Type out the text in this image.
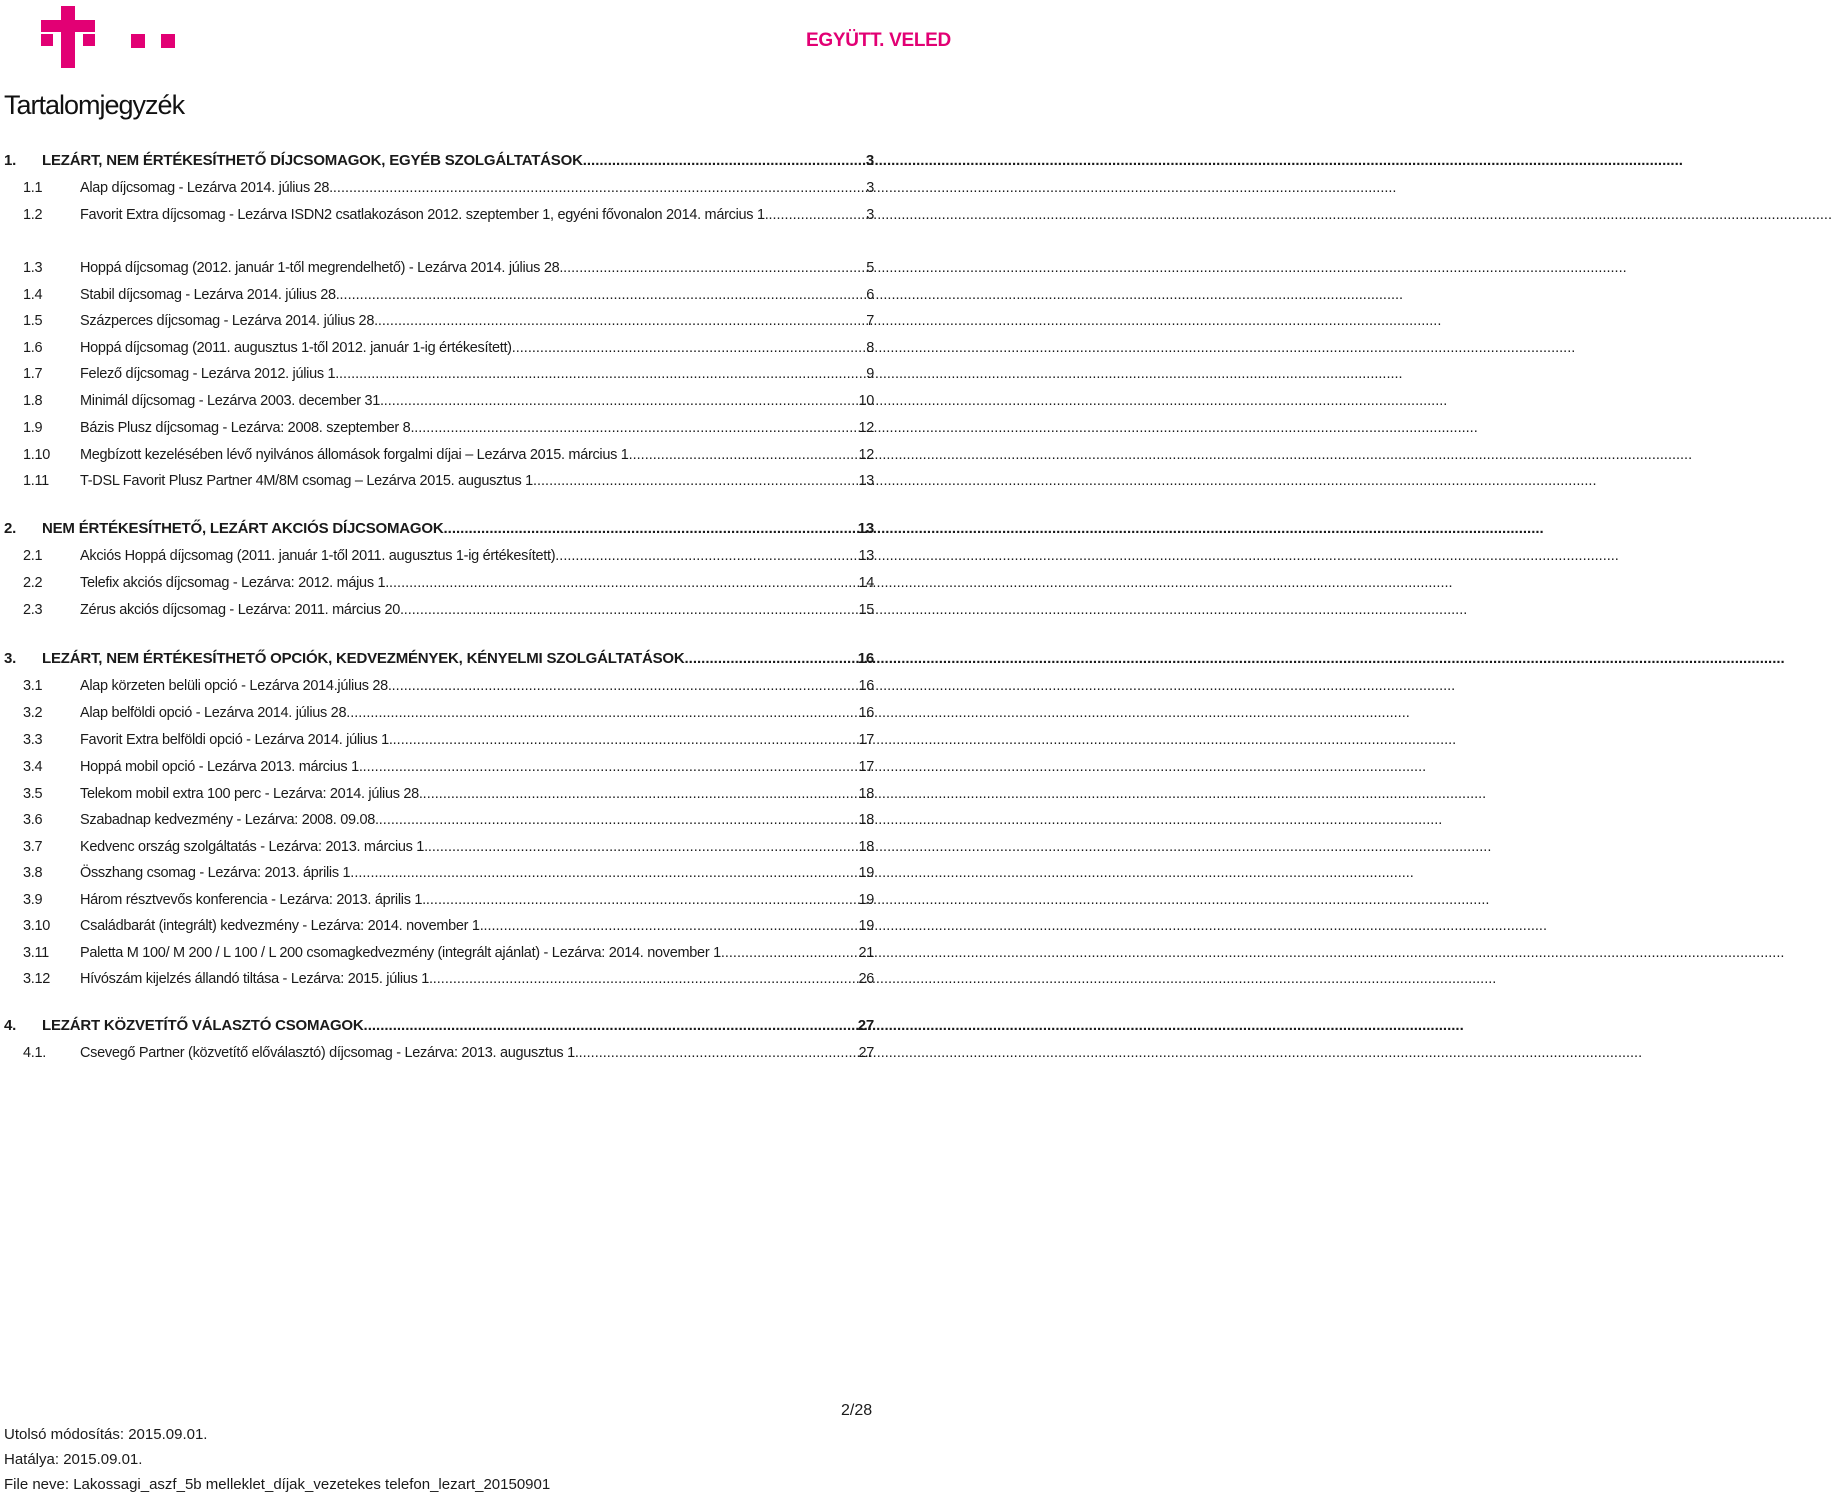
EGYÜTT. VELED
Tartalomjegyzék
1. LEZÁRT, NEM ÉRTÉKESÍTHETŐ DÍJCSOMAGOK, EGYÉB SZOLGÁLTATÁSOK .....	3
1.1	Alap díjcsomag - Lezárva 2014. július 28. .....	3
1.2	Favorit Extra díjcsomag - Lezárva ISDN2 csatlakozáson 2012. szeptember 1, egyéni fővonalon 2014. március 1. .....	3
1.3	Hoppá díjcsomag (2012. január 1-től megrendelhető) - Lezárva 2014. július 28. .....	5
1.4	Stabil díjcsomag - Lezárva 2014. július 28. .....	6
1.5	Százperces díjcsomag - Lezárva 2014. július 28. .....	7
1.6	Hoppá díjcsomag (2011. augusztus 1-től 2012. január 1-ig értékesített) .....	8
1.7	Felező díjcsomag - Lezárva 2012. július 1. .....	9
1.8	Minimál díjcsomag - Lezárva 2003. december 31. .....	10
1.9	Bázis Plusz díjcsomag - Lezárva: 2008. szeptember 8. .....	12
1.10 Megbízott kezelésében lévő nyilvános állomások forgalmi díjai – Lezárva 2015. március 1 .....	12
1.11 T-DSL Favorit Plusz Partner 4M/8M csomag – Lezárva 2015. augusztus 1 .....	13
2. NEM ÉRTÉKESÍTHETŐ, LEZÁRT AKCIÓS DÍJCSOMAGOK .....	13
2.1	Akciós Hoppá díjcsomag (2011. január 1-től 2011. augusztus 1-ig értékesített) .....	13
2.2	Telefix akciós díjcsomag - Lezárva: 2012. május 1. .....	14
2.3	Zérus akciós díjcsomag - Lezárva: 2011. március 20. .....	15
3. LEZÁRT, NEM ÉRTÉKESÍTHETŐ OPCIÓK, KEDVEZMÉNYEK, KÉNYELMI SZOLGÁLTATÁSOK .....	16
3.1	Alap körzeten belüli opció - Lezárva 2014.július 28. .....	16
3.2	Alap belföldi opció - Lezárva 2014. július 28 .....	16
3.3	Favorit Extra belföldi opció - Lezárva 2014. július 1. .....	17
3.4	Hoppá mobil opció - Lezárva 2013. március 1. .....	17
3.5	Telekom mobil extra 100 perc - Lezárva: 2014. július 28. .....	18
3.6	Szabadnap kedvezmény - Lezárva: 2008. 09.08. .....	18
3.7	Kedvenc ország szolgáltatás - Lezárva: 2013. március 1. .....	18
3.8	Összhang csomag - Lezárva: 2013. április 1 .....	19
3.9	Három résztvevős konferencia - Lezárva: 2013. április 1. .....	19
3.10 Családbarát (integrált) kedvezmény - Lezárva: 2014. november 1. .....	19
3.11 Paletta M 100/ M 200 / L 100 / L 200 csomagkedvezmény (integrált ajánlat) - Lezárva: 2014. november 1 .....	21
3.12 Hívószám kijelzés állandó tiltása - Lezárva: 2015. július 1. .....	26
4. LEZÁRT KÖZVETÍTŐ VÁLASZTÓ CSOMAGOK .....	27
4.1. Csevegő Partner (közvetítő előválasztó) díjcsomag - Lezárva: 2013. augusztus 1. .....	27
2/28
Utolsó módosítás: 2015.09.01.
Hatálya: 2015.09.01.
File neve: Lakossagi_aszf_5b melleklet_díjak_vezetekes telefon_lezart_20150901
